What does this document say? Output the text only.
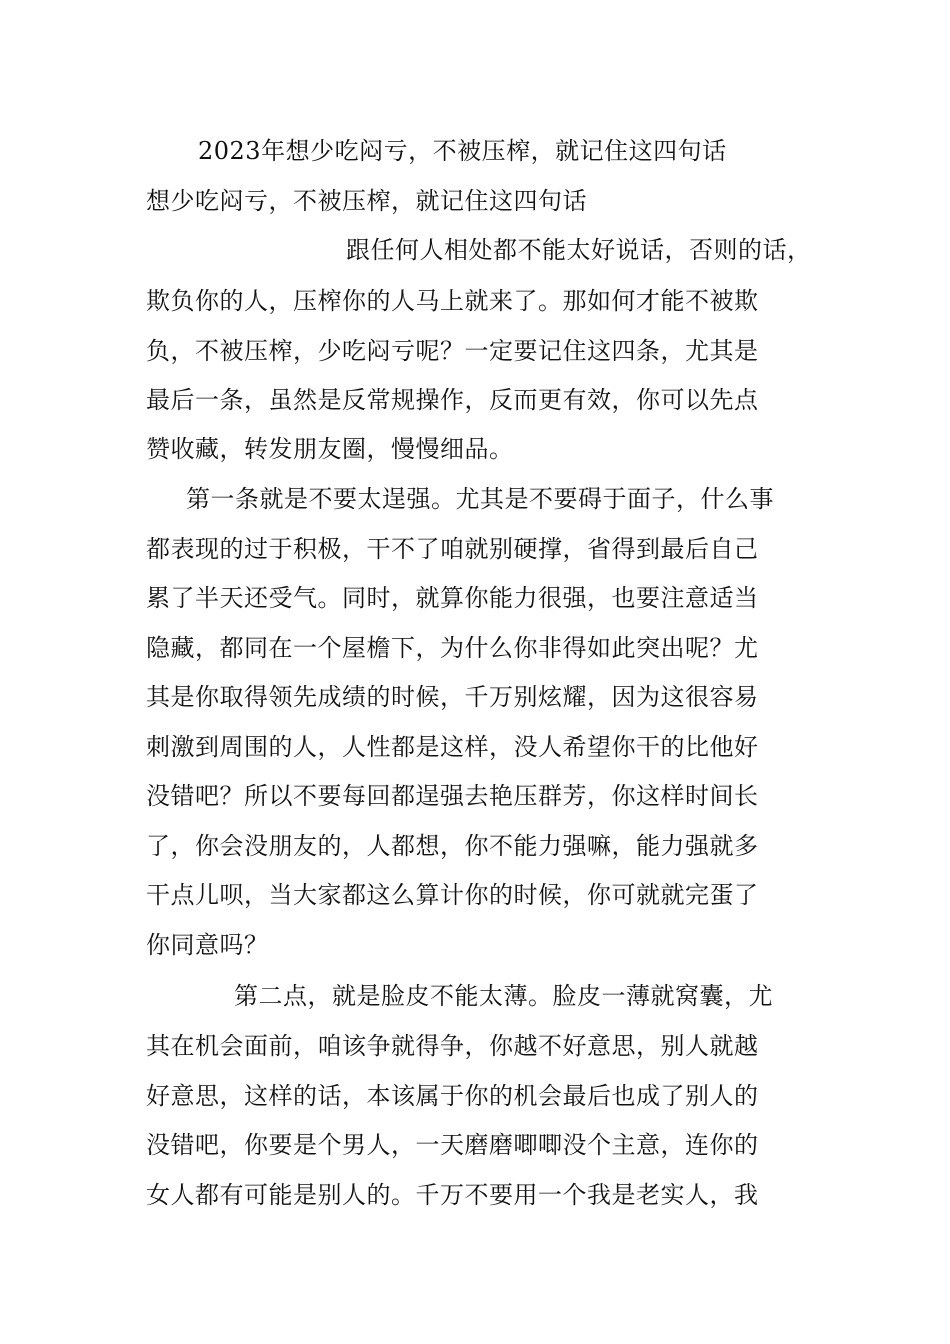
2023年想少吃闷亏，不被压榨，就记住这四句话
想少吃闷亏，不被压榨，就记住这四句话
跟任何人相处都不能太好说话，否则的话，
欺负你的人，压榨你的人马上就来了。那如何才能不被欺
负，不被压榨，少吃闷亏呢？一定要记住这四条，尤其是
最后一条，虽然是反常规操作，反而更有效，你可以先点
赞收藏，转发朋友圈，慢慢细品。
第一条就是不要太逞强。尤其是不要碍于面子，什么事
都表现的过于积极，干不了咱就别硬撑，省得到最后自己
累了半天还受气。同时，就算你能力很强，也要注意适当
隐藏，都同在一个屋檐下，为什么你非得如此突出呢？尤
其是你取得领先成绩的时候，千万别炫耀，因为这很容易
刺激到周围的人，人性都是这样，没人希望你干的比他好
没错吧？所以不要每回都逞强去艳压群芳，你这样时间长
了，你会没朋友的，人都想，你不能力强嘛，能力强就多
干点儿呗，当大家都这么算计你的时候，你可就就完蛋了
你同意吗？
第二点，就是脸皮不能太薄。脸皮一薄就窝囊，尤
其在机会面前，咱该争就得争，你越不好意思，别人就越
好意思，这样的话，本该属于你的机会最后也成了别人的
没错吧，你要是个男人，一天磨磨唧唧没个主意，连你的
女人都有可能是别人的。千万不要用一个我是老实人，我
